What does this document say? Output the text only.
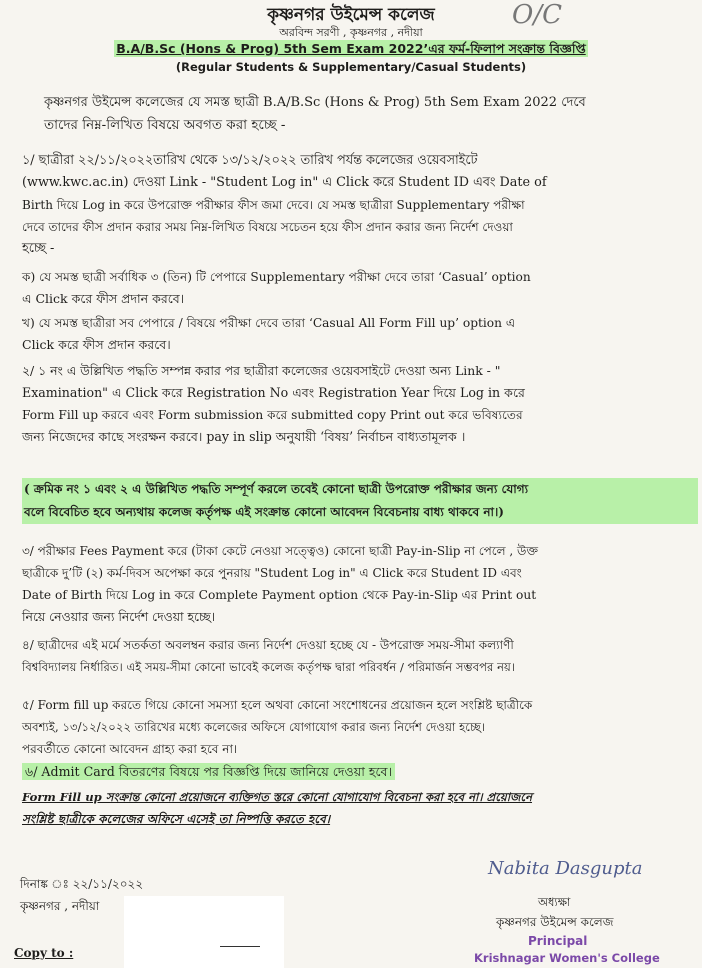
কৃষ্ণনগর উইমেন্স কলেজ
অরবিন্দ সরণী , কৃষ্ণনগর , নদীয়া
O/C
B.A/B.Sc (Hons & Prog) 5th Sem Exam 2022’এর ফর্ম-ফিলাপ সংক্রান্ত বিজ্ঞপ্তি
(Regular Students & Supplementary/Casual Students)
কৃষ্ণনগর উইমেন্স কলেজের যে সমস্ত ছাত্রী B.A/B.Sc (Hons & Prog) 5th Sem Exam 2022 দেবে
তাদের নিম্ন-লিখিত বিষয়ে অবগত করা হচ্ছে -
১/ ছাত্রীরা ২২/১১/২০২২তারিখ থেকে ১৩/১২/২০২২ তারিখ পর্যন্ত কলেজের ওয়েবসাইটে
(www.kwc.ac.in) দেওয়া Link - "Student Log in" এ Click করে Student ID এবং Date of
Birth দিয়ে Log in করে উপরোক্ত পরীক্ষার ফীস জমা দেবে। যে সমস্ত ছাত্রীরা Supplementary পরীক্ষা
দেবে তাদের ফীস প্রদান করার সময় নিম্ন-লিখিত বিষয়ে সচেতন হয়ে ফীস প্রদান করার জন্য নির্দেশ দেওয়া
হচ্ছে -
ক) যে সমস্ত ছাত্রী সর্বাধিক ৩ (তিন) টি পেপারে Supplementary পরীক্ষা দেবে তারা ‘Casual’ option
এ Click করে ফীস প্রদান করবে।
খ) যে সমস্ত ছাত্রীরা সব পেপারে / বিষয়ে পরীক্ষা দেবে তারা ‘Casual All Form Fill up’ option এ
Click করে ফীস প্রদান করবে।
২/ ১ নং এ উল্লিখিত পদ্ধতি সম্পন্ন করার পর ছাত্রীরা কলেজের ওয়েবসাইটে দেওয়া অন্য Link - "
Examination" এ Click করে Registration No এবং Registration Year দিয়ে Log in করে
Form Fill up করবে এবং Form submission করে submitted copy Print out করে ভবিষ্যতের
জন্য নিজেদের কাছে সংরক্ষন করবে। pay in slip অনুযায়ী ‘বিষয়’ নির্বাচন বাধ্যতামূলক ।
( ক্রমিক নং ১ এবং ২ এ উল্লিখিত পদ্ধতি সম্পূর্ণ করলে তবেই কোনো ছাত্রী উপরোক্ত পরীক্ষার জন্য যোগ্য
বলে বিবেচিত হবে অন্যথায় কলেজ কর্তৃপক্ষ এই সংক্রান্ত কোনো আবেদন বিবেচনায় বাধ্য থাকবে না।)
৩/ পরীক্ষার Fees Payment করে (টাকা কেটে নেওয়া সত্ত্বেও) কোনো ছাত্রী Pay-in-Slip না পেলে , উক্ত
ছাত্রীকে দু’টি (২) কর্ম-দিবস অপেক্ষা করে পুনরায় "Student Log in" এ Click করে Student ID এবং
Date of Birth দিয়ে Log in করে Complete Payment option থেকে Pay-in-Slip এর Print out
নিয়ে নেওয়ার জন্য নির্দেশ দেওয়া হচ্ছে।
৪/ ছাত্রীদের এই মর্মে সতর্কতা অবলম্বন করার জন্য নির্দেশ দেওয়া হচ্ছে যে - উপরোক্ত সময়-সীমা কল্যাণী
বিশ্ববিদ্যালয় নির্ধারিত। এই সময়-সীমা কোনো ভাবেই কলেজ কর্তৃপক্ষ দ্বারা পরিবর্ধন / পরিমার্জন সম্ভবপর নয়।
৫/ Form fill up করতে গিয়ে কোনো সমস্যা হলে অথবা কোনো সংশোধনের প্রয়োজন হলে সংশ্লিষ্ট ছাত্রীকে
অবশ্যই, ১৩/১২/২০২২ তারিখের মধ্যে কলেজের অফিসে যোগাযোগ করার জন্য নির্দেশ দেওয়া হচ্ছে।
পরবর্তীতে কোনো আবেদন গ্রাহ্য করা হবে না।
৬/ Admit Card বিতরণের বিষয়ে পর বিজ্ঞপ্তি দিয়ে জানিয়ে দেওয়া হবে।
Form Fill up সংক্রান্ত কোনো প্রয়োজনে ব্যক্তিগত স্তরে কোনো যোগাযোগ বিবেচনা করা হবে না। প্রয়োজনে
সংশ্লিষ্ট ছাত্রীকে কলেজের অফিসে এসেই তা নিষ্পত্তি করতে হবে।
দিনাঙ্ক ঃ ২২/১১/২০২২
কৃষ্ণনগর , নদীয়া
Copy to :
Nabita Dasgupta
অধ্যক্ষা
কৃষ্ণনগর উইমেন্স কলেজ
Principal
Krishnagar Women's College
